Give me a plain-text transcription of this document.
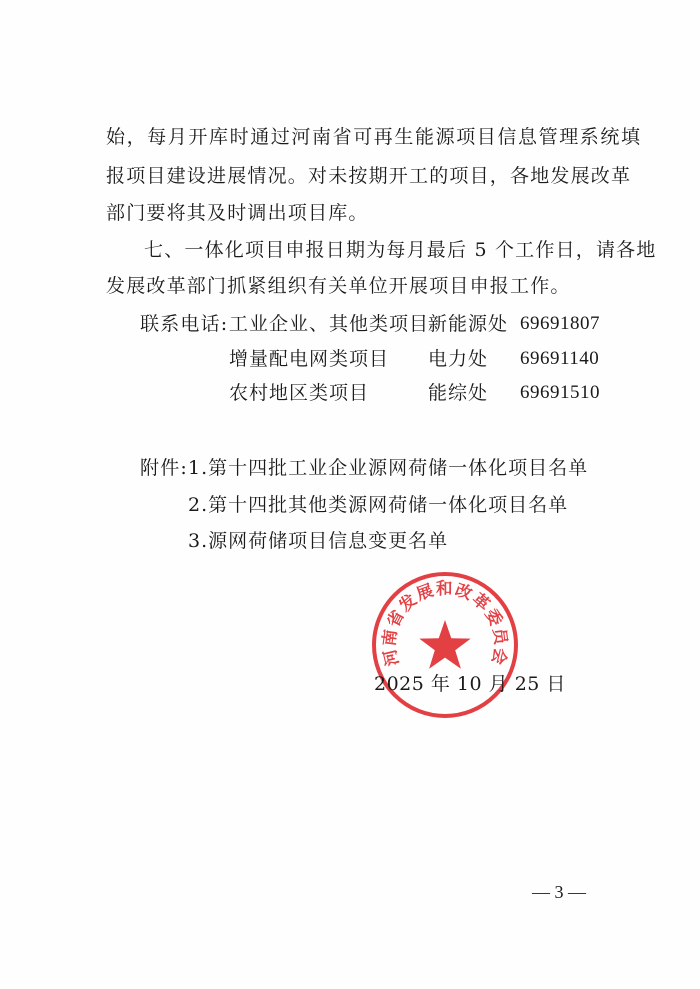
始，每月开库时通过河南省可再生能源项目信息管理系统填
报项目建设进展情况。对未按期开工的项目，各地发展改革
部门要将其及时调出项目库。
七、一体化项目申报日期为每月最后 5 个工作日，请各地
发展改革部门抓紧组织有关单位开展项目申报工作。
联系电话: 工业企业、其他类项目
新能源处 69691807
增量配电网类项目 电力处 69691140
农村地区类项目	能综处 69691510
附件: 1.第十四批工业企业源网荷储一体化项目名单
2.第十四批其他类源网荷储一体化项目名单
3.源网荷储项目信息变更名单
河南省发展和改革委员会
2025 年 10 月 25 日
— 3 —
